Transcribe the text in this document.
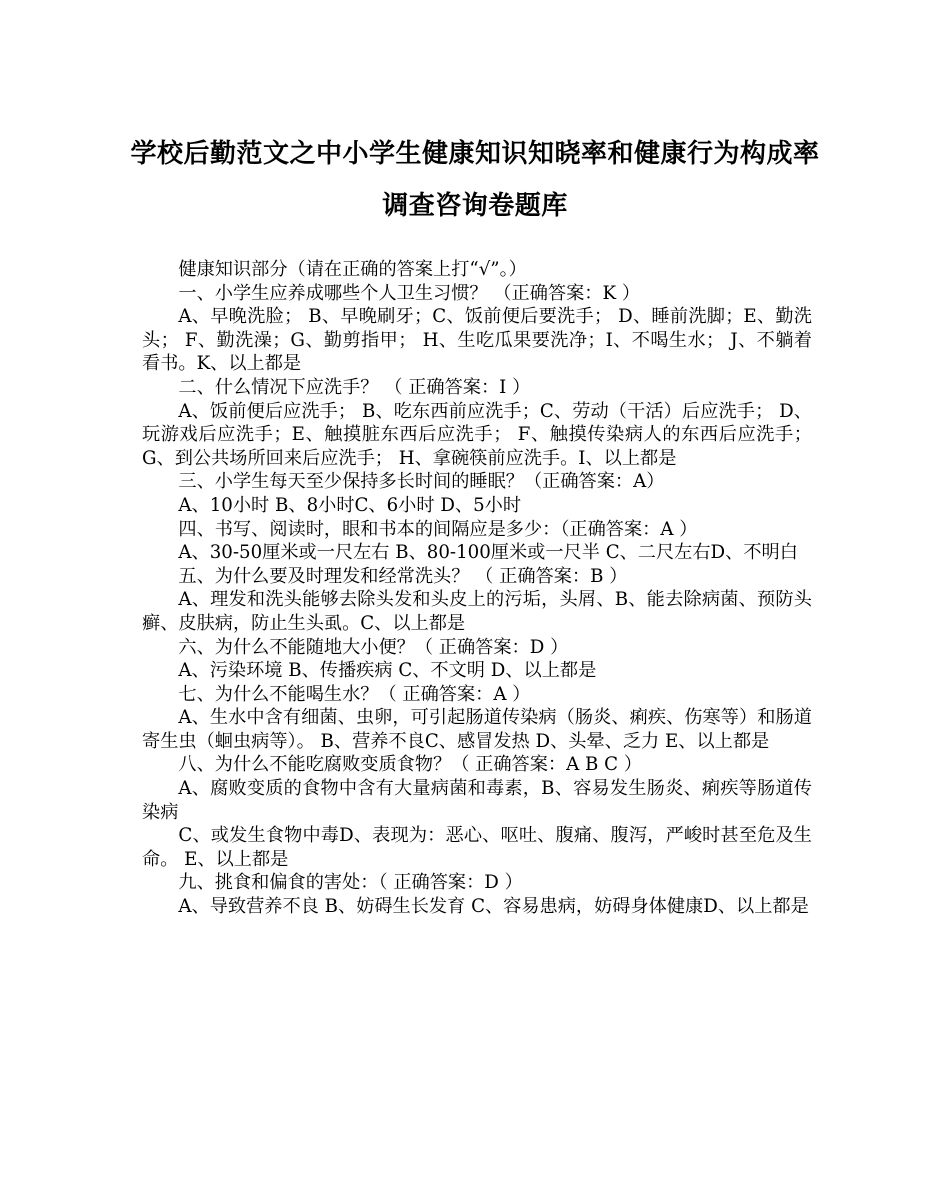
学校后勤范文之中小学生健康知识知晓率和健康行为构成率调查咨询卷题库

健康知识部分（请在正确的答案上打“√”。）

一、小学生应养成哪些个人卫生习惯？ （正确答案：K ）

A、早晚洗脸； B、早晚刷牙；C、饭前便后要洗手； D、睡前洗脚；E、勤洗头； F、勤洗澡；G、勤剪指甲； H、生吃瓜果要洗净；I、不喝生水； J、不躺着看书。K、以上都是

二、什么情况下应洗手？ （ 正确答案：I ）

A、饭前便后应洗手； B、吃东西前应洗手；C、劳动（干活）后应洗手； D、玩游戏后应洗手；E、触摸脏东西后应洗手； F、触摸传染病人的东西后应洗手；G、到公共场所回来后应洗手； H、拿碗筷前应洗手。I、以上都是

三、小学生每天至少保持多长时间的睡眠？（正确答案：A）

A、10小时 B、8小时C、6小时 D、5小时

四、书写、阅读时，眼和书本的间隔应是多少：（正确答案：A ）

A、30-50厘米或一尺左右 B、80-100厘米或一尺半 C、二尺左右D、不明白

五、为什么要及时理发和经常洗头？ （ 正确答案：B ）

A、理发和洗头能够去除头发和头皮上的污垢，头屑、B、能去除病菌、预防头癣、皮肤病，防止生头虱。C、以上都是

六、为什么不能随地大小便？（ 正确答案：D ）

A、污染环境 B、传播疾病 C、不文明 D、以上都是

七、为什么不能喝生水？（ 正确答案：A ）

A、生水中含有细菌、虫卵，可引起肠道传染病（肠炎、痢疾、伤寒等）和肠道寄生虫（蛔虫病等）。 B、营养不良C、感冒发热 D、头晕、乏力 E、以上都是

八、为什么不能吃腐败变质食物？（ 正确答案：A B C ）

A、腐败变质的食物中含有大量病菌和毒素，B、容易发生肠炎、痢疾等肠道传染病

C、或发生食物中毒D、表现为：恶心、呕吐、腹痛、腹泻，严峻时甚至危及生命。 E、以上都是

九、挑食和偏食的害处：（ 正确答案：D ）

A、导致营养不良 B、妨碍生长发育 C、容易患病，妨碍身体健康D、以上都是
